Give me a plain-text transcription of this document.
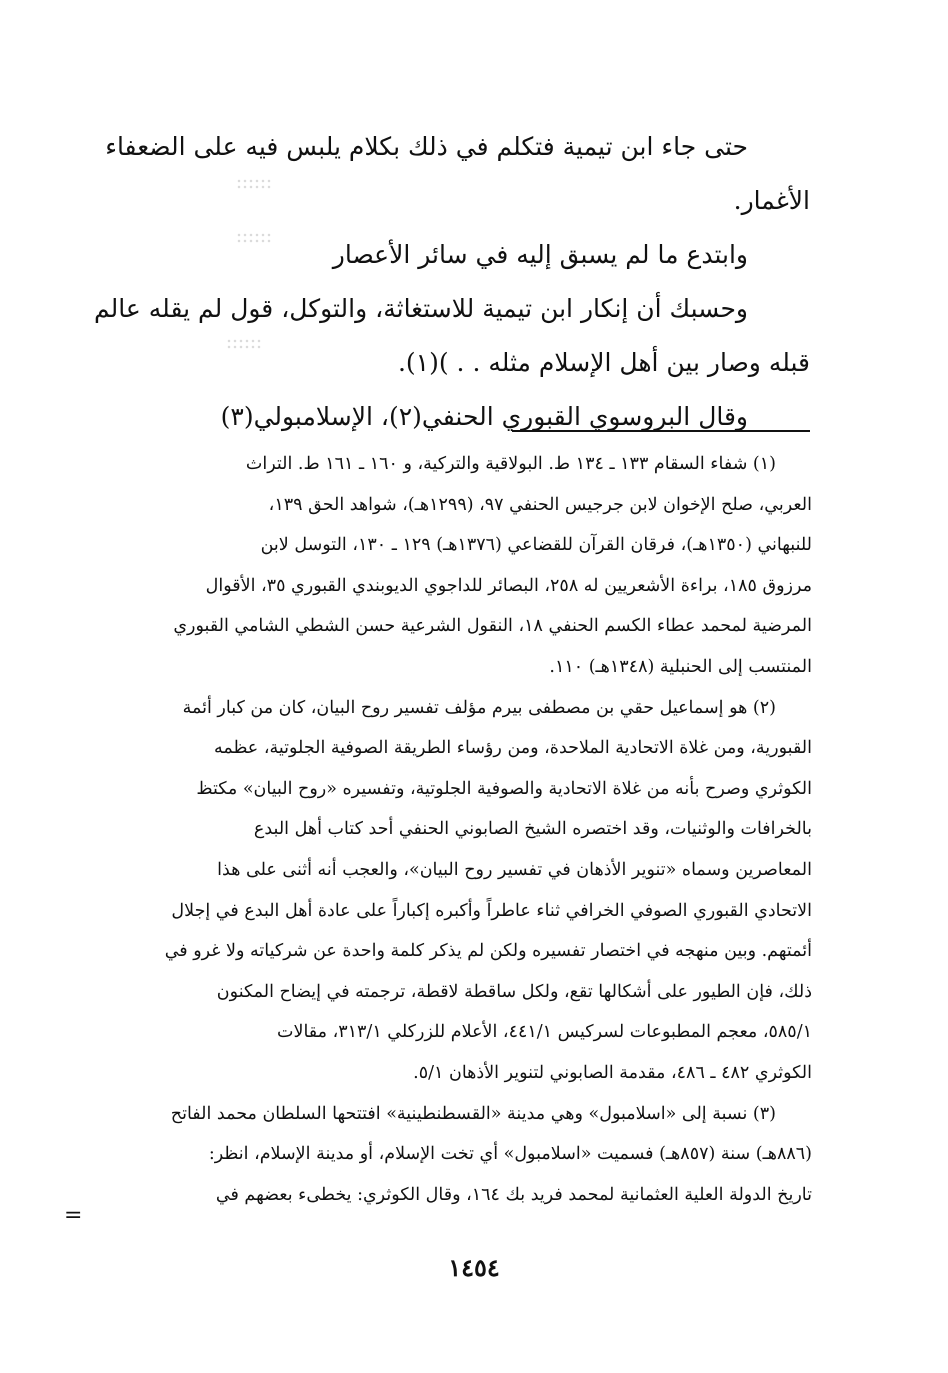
حتى جاء ابن تيمية فتكلم في ذلك بكلام يلبس فيه على الضعفاء
الأغمار.
وابتدع ما لم يسبق إليه في سائر الأعصار
وحسبك أن إنكار ابن تيمية للاستغاثة، والتوكل، قول لم يقله عالم
قبله وصار بين أهل الإسلام مثله . . )(١).
وقال البروسوي القبوري الحنفي(٢)، الإسلامبولي(٣)
(١) شفاء السقام ١٣٣ ـ ١٣٤ ط. البولاقية والتركية، و ١٦٠ ـ ١٦١ ط. التراث
العربي، صلح الإخوان لابن جرجيس الحنفي ٩٧، (١٢٩٩هـ)، شواهد الحق ١٣٩،
للنبهاني (١٣٥٠هـ)، فرقان القرآن للقضاعي (١٣٧٦هـ) ١٢٩ ـ ١٣٠، التوسل لابن
مرزوق ١٨٥، براءة الأشعريين له ٢٥٨، البصائر للداجوي الديوبندي القبوري ٣٥، الأقوال
المرضية لمحمد عطاء الكسم الحنفي ١٨، النقول الشرعية حسن الشطي الشامي القبوري
المنتسب إلى الحنبلية (١٣٤٨هـ) ١١٠.
(٢) هو إسماعيل حقي بن مصطفى بيرم مؤلف تفسير روح البيان، كان من كبار أئمة
القبورية، ومن غلاة الاتحادية الملاحدة، ومن رؤساء الطريقة الصوفية الجلوتية، عظمه
الكوثري وصرح بأنه من غلاة الاتحادية والصوفية الجلوتية، وتفسيره «روح البيان» مكتظ
بالخرافات والوثنيات، وقد اختصره الشيخ الصابوني الحنفي أحد كتاب أهل البدع
المعاصرين وسماه «تنوير الأذهان في تفسير روح البيان»، والعجب أنه أثنى على هذا
الاتحادي القبوري الصوفي الخرافي ثناء عاطراً وأكبره إكباراً على عادة أهل البدع في إجلال
أئمتهم. وبين منهجه في اختصار تفسيره ولكن لم يذكر كلمة واحدة عن شركياته ولا غرو في
ذلك، فإن الطيور على أشكالها تقع، ولكل ساقطة لاقطة، ترجمته في إيضاح المكنون
٥٨٥/١، معجم المطبوعات لسركيس ٤٤١/١، الأعلام للزركلي ٣١٣/١، مقالات
الكوثري ٤٨٢ ـ ٤٨٦، مقدمة الصابوني لتنوير الأذهان ٥/١.
(٣) نسبة إلى «اسلامبول» وهي مدينة «القسطنطينية» افتتحها السلطان محمد الفاتح
(٨٨٦هـ) سنة (٨٥٧هـ) فسميت «اسلامبول» أي تخت الإسلام، أو مدينة الإسلام، انظر:
تاريخ الدولة العلية العثمانية لمحمد فريد بك ١٦٤، وقال الكوثري: يخطىء بعضهم في
=
١٤٥٤
